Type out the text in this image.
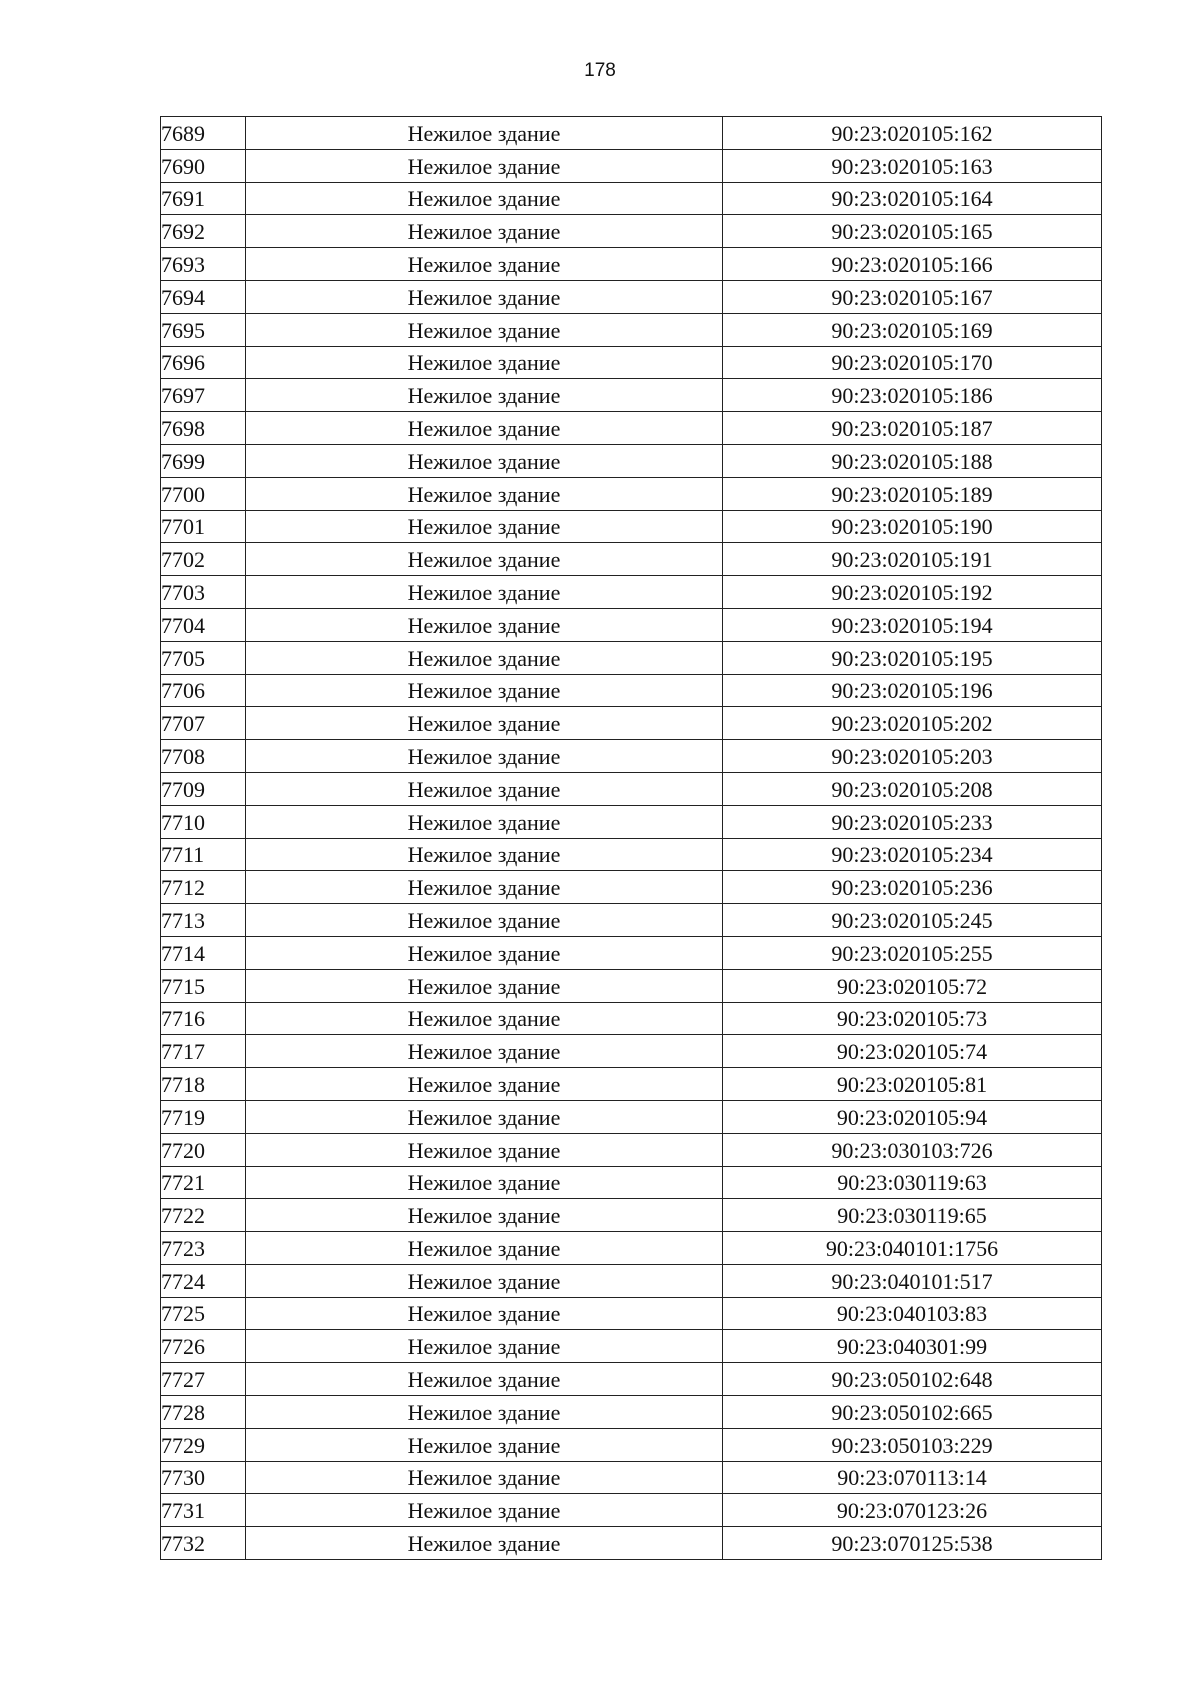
178
7689	Нежилое здание	90:23:020105:162
7690	Нежилое здание	90:23:020105:163
7691	Нежилое здание	90:23:020105:164
7692	Нежилое здание	90:23:020105:165
7693	Нежилое здание	90:23:020105:166
7694	Нежилое здание	90:23:020105:167
7695	Нежилое здание	90:23:020105:169
7696	Нежилое здание	90:23:020105:170
7697	Нежилое здание	90:23:020105:186
7698	Нежилое здание	90:23:020105:187
7699	Нежилое здание	90:23:020105:188
7700	Нежилое здание	90:23:020105:189
7701	Нежилое здание	90:23:020105:190
7702	Нежилое здание	90:23:020105:191
7703	Нежилое здание	90:23:020105:192
7704	Нежилое здание	90:23:020105:194
7705	Нежилое здание	90:23:020105:195
7706	Нежилое здание	90:23:020105:196
7707	Нежилое здание	90:23:020105:202
7708	Нежилое здание	90:23:020105:203
7709	Нежилое здание	90:23:020105:208
7710	Нежилое здание	90:23:020105:233
7711	Нежилое здание	90:23:020105:234
7712	Нежилое здание	90:23:020105:236
7713	Нежилое здание	90:23:020105:245
7714	Нежилое здание	90:23:020105:255
7715	Нежилое здание	90:23:020105:72
7716	Нежилое здание	90:23:020105:73
7717	Нежилое здание	90:23:020105:74
7718	Нежилое здание	90:23:020105:81
7719	Нежилое здание	90:23:020105:94
7720	Нежилое здание	90:23:030103:726
7721	Нежилое здание	90:23:030119:63
7722	Нежилое здание	90:23:030119:65
7723	Нежилое здание	90:23:040101:1756
7724	Нежилое здание	90:23:040101:517
7725	Нежилое здание	90:23:040103:83
7726	Нежилое здание	90:23:040301:99
7727	Нежилое здание	90:23:050102:648
7728	Нежилое здание	90:23:050102:665
7729	Нежилое здание	90:23:050103:229
7730	Нежилое здание	90:23:070113:14
7731	Нежилое здание	90:23:070123:26
7732	Нежилое здание	90:23:070125:538
